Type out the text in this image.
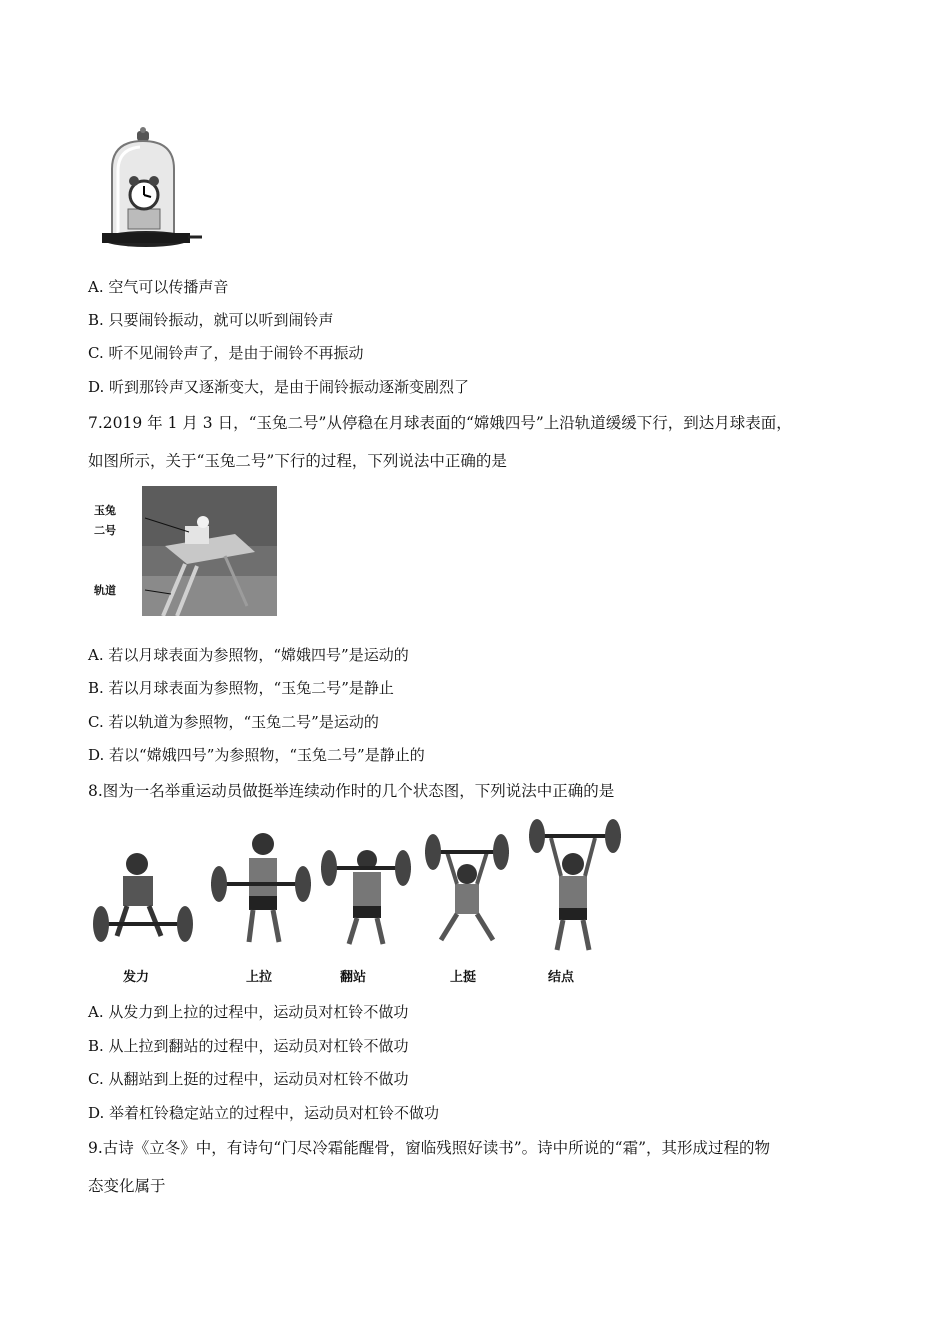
A. 空气可以传播声音
B. 只要闹铃振动，就可以听到闹铃声
C. 听不见闹铃声了，是由于闹铃不再振动
D. 听到那铃声又逐渐变大，是由于闹铃振动逐渐变剧烈了
7.2019 年 1 月 3 日，“玉兔二号”从停稳在月球表面的“嫦娥四号”上沿轨道缓缓下行，到达月球表面，
如图所示，关于“玉兔二号”下行的过程，下列说法中正确的是
玉兔
二号
轨道
A. 若以月球表面为参照物，“嫦娥四号”是运动的
B. 若以月球表面为参照物，“玉兔二号”是静止
C. 若以轨道为参照物，“玉兔二号”是运动的
D. 若以“嫦娥四号”为参照物，“玉兔二号”是静止的
8.图为一名举重运动员做挺举连续动作时的几个状态图，下列说法中正确的是
发力	上拉	翻站	上挺	结点
A. 从发力到上拉的过程中，运动员对杠铃不做功
B. 从上拉到翻站的过程中，运动员对杠铃不做功
C. 从翻站到上挺的过程中，运动员对杠铃不做功
D. 举着杠铃稳定站立的过程中，运动员对杠铃不做功
9.古诗《立冬》中，有诗句“门尽冷霜能醒骨，窗临残照好读书”。诗中所说的“霜”，其形成过程的物
态变化属于
